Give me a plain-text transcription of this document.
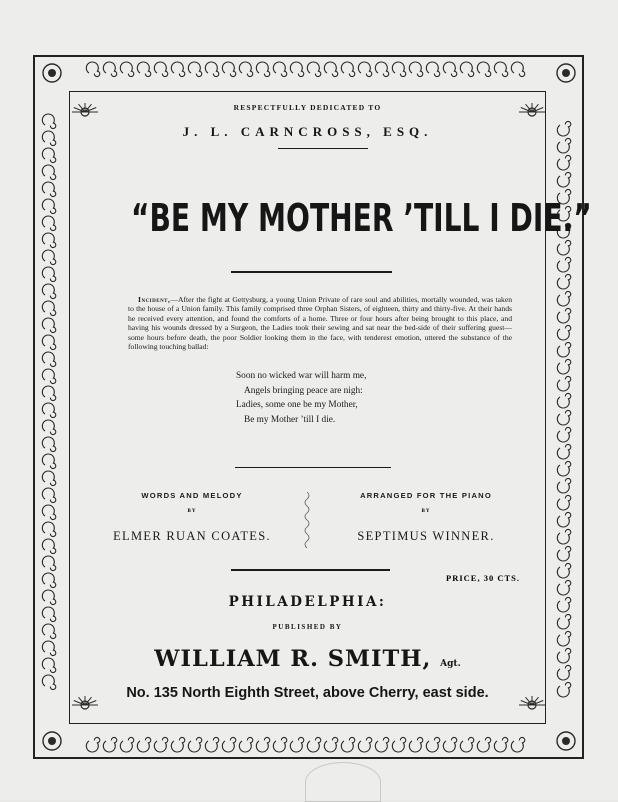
RESPECTFULLY DEDICATED TO
J. L. CARNCROSS, ESQ.
“BE MY MOTHER ’TILL I DIE.”
Incident,—After the fight at Gettysburg, a young Union Private of rare soul and abilities, mortally wounded, was taken to the house of a Union family. This family comprised three Orphan Sisters, of eighteen, thirty and thirty-five. At their hands he received every attention, and found the comforts of a home. Three or four hours after being brought to this place, and having his wounds dressed by a Surgeon, the Ladies took their sewing and sat near the bed-side of their suffering guest—some hours before death, the poor Soldier looking them in the face, with tenderest emotion, uttered the substance of the following touching ballad:
Soon no wicked war will harm me,
Angels bringing peace are nigh:
Ladies, some one be my Mother,
Be my Mother ’till I die.
WORDS AND MELODY
BY
ELMER RUAN COATES.
ARRANGED FOR THE PIANO
BY
SEPTIMUS WINNER.
PRICE, 30 CTS.
PHILADELPHIA:
PUBLISHED BY
WILLIAM R. SMITH, Agt.
No. 135 North Eighth Street, above Cherry, east side.
